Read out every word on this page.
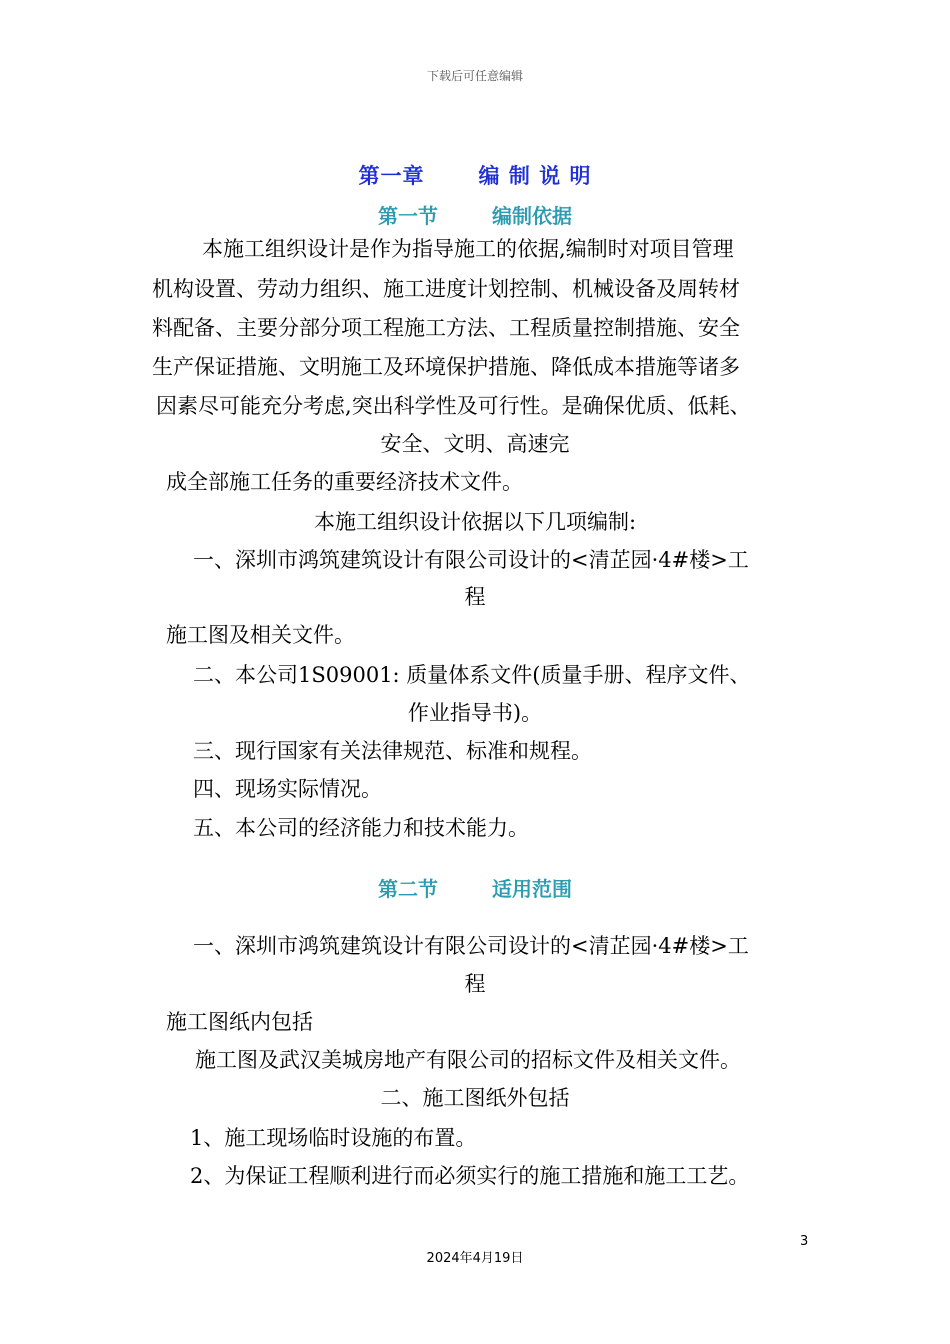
下载后可任意编辑
第一章	编 制 说 明
第一节	编制依据
本施工组织设计是作为指导施工的依据,编制时对项目管理
机构设置、劳动力组织、施工进度计划控制、机械设备及周转材
料配备、主要分部分项工程施工方法、工程质量控制措施、安全
生产保证措施、文明施工及环境保护措施、降低成本措施等诸多
因素尽可能充分考虑,突出科学性及可行性。是确保优质、低耗、
安全、文明、高速完
成全部施工任务的重要经济技术文件。
本施工组织设计依据以下几项编制:
一、深圳市鸿筑建筑设计有限公司设计的<清芷园·4#楼>工
程
施工图及相关文件。
二、本公司1S09001: 质量体系文件(质量手册、程序文件、
作业指导书)。
三、现行国家有关法律规范、标准和规程。
四、现场实际情况。
五、本公司的经济能力和技术能力。
第二节	适用范围
一、深圳市鸿筑建筑设计有限公司设计的<清芷园·4#楼>工
程
施工图纸内包括
施工图及武汉美城房地产有限公司的招标文件及相关文件。
二、施工图纸外包括
1、施工现场临时设施的布置。
2、为保证工程顺利进行而必须实行的施工措施和施工工艺。
3
2024年4月19日
